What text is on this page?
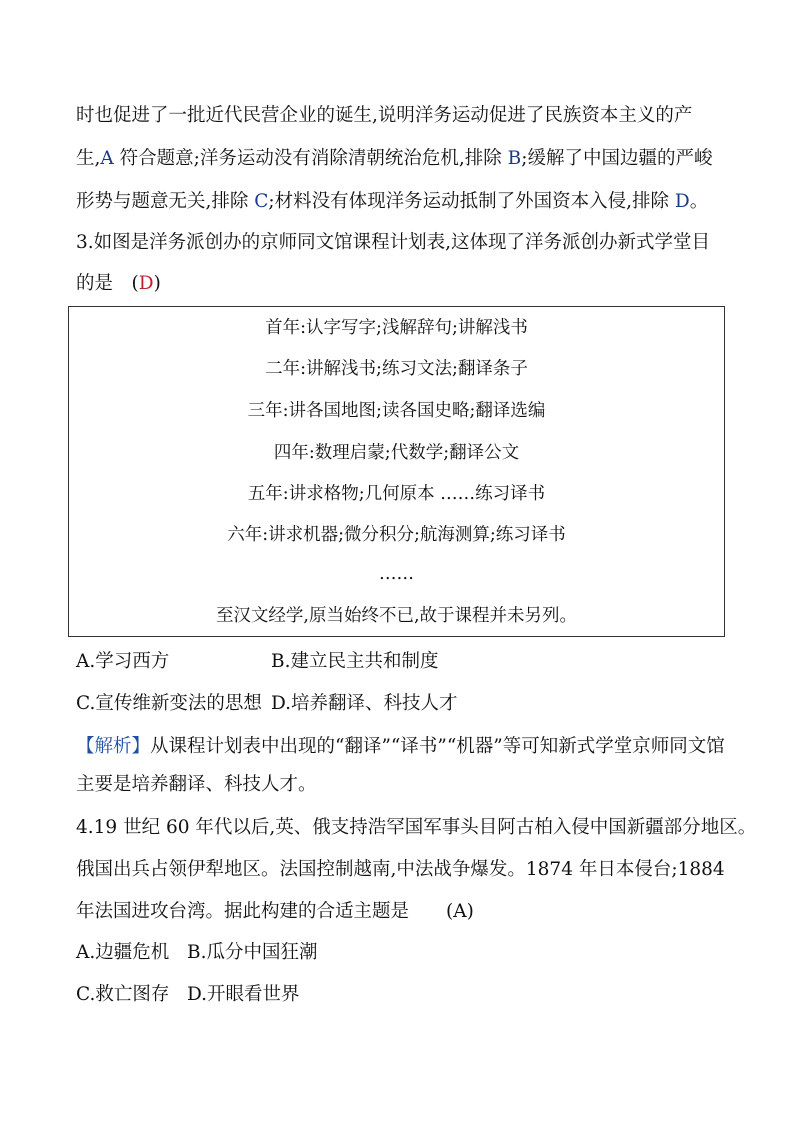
时也促进了一批近代民营企业的诞生,说明洋务运动促进了民族资本主义的产
生,A 符合题意;洋务运动没有消除清朝统治危机,排除 B;缓解了中国边疆的严峻
形势与题意无关,排除 C;材料没有体现洋务运动抵制了外国资本入侵,排除 D。
3.如图是洋务派创办的京师同文馆课程计划表,这体现了洋务派创办新式学堂目
的是　(D)
首年:认字写字;浅解辞句;讲解浅书
二年:讲解浅书;练习文法;翻译条子
三年:讲各国地图;读各国史略;翻译选编
四年:数理启蒙;代数学;翻译公文
五年:讲求格物;几何原本 ……练习译书
六年:讲求机器;微分积分;航海测算;练习译书
……
至汉文经学,原当始终不已,故于课程并未另列。
A.学习西方	B.建立民主共和制度
C.宣传维新变法的思想 D.培养翻译、科技人才
【解析】从课程计划表中出现的“翻译”“译书”“机器”等可知新式学堂京师同文馆
主要是培养翻译、科技人才。
4.19 世纪 60 年代以后,英、俄支持浩罕国军事头目阿古柏入侵中国新疆部分地区。
俄国出兵占领伊犁地区。法国控制越南,中法战争爆发。1874 年日本侵台;1884
年法国进攻台湾。据此构建的合适主题是　　(A)
A.边疆危机 B.瓜分中国狂潮
C.救亡图存 D.开眼看世界
